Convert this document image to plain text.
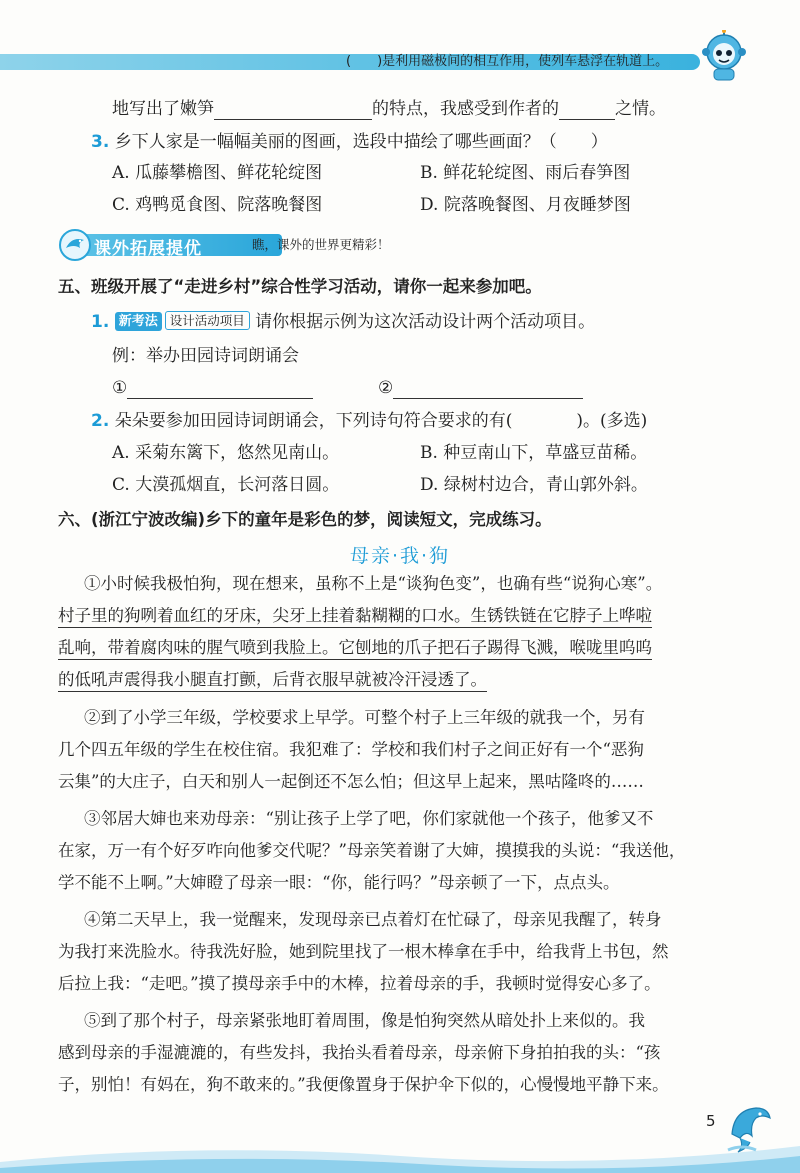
(　　)是利用磁极间的相互作用，使列车悬浮在轨道上。
地写出了嫩笋	的特点，我感受到作者的	之情。
3. 乡下人家是一幅幅美丽的图画，选段中描绘了哪些画面？（　　）
A. 瓜藤攀檐图、鲜花轮绽图	B. 鲜花轮绽图、雨后春笋图
C. 鸡鸭觅食图、院落晚餐图	D. 院落晚餐图、月夜睡梦图
课外拓展提优	瞧，课外的世界更精彩！
五、班级开展了“走进乡村”综合性学习活动，请你一起来参加吧。
1. 新考法 设计活动项目 请你根据示例为这次活动设计两个活动项目。
例：举办田园诗词朗诵会
①	②
2. 朵朵要参加田园诗词朗诵会，下列诗句符合要求的有(	)。(多选)
A. 采菊东篱下，悠然见南山。	B. 种豆南山下，草盛豆苗稀。
C. 大漠孤烟直，长河落日圆。	D. 绿树村边合，青山郭外斜。
六、(浙江宁波改编)乡下的童年是彩色的梦，阅读短文，完成练习。
母亲·我·狗
①小时候我极怕狗，现在想来，虽称不上是“谈狗色变”，也确有些“说狗心寒”。
村子里的狗咧着血红的牙床，尖牙上挂着黏糊糊的口水。生锈铁链在它脖子上哗啦
乱响，带着腐肉味的腥气喷到我脸上。它刨地的爪子把石子踢得飞溅，喉咙里呜呜
的低吼声震得我小腿直打颤，后背衣服早就被冷汗浸透了。
②到了小学三年级，学校要求上早学。可整个村子上三年级的就我一个，另有
几个四五年级的学生在校住宿。我犯难了：学校和我们村子之间正好有一个“恶狗
云集”的大庄子，白天和别人一起倒还不怎么怕；但这早上起来，黑咕隆咚的……
③邻居大婶也来劝母亲：“别让孩子上学了吧，你们家就他一个孩子，他爹又不
在家，万一有个好歹咋向他爹交代呢？”母亲笑着谢了大婶，摸摸我的头说：“我送他，
学不能不上啊。”大婶瞪了母亲一眼：“你，能行吗？”母亲顿了一下，点点头。
④第二天早上，我一觉醒来，发现母亲已点着灯在忙碌了，母亲见我醒了，转身
为我打来洗脸水。待我洗好脸，她到院里找了一根木棒拿在手中，给我背上书包，然
后拉上我：“走吧。”摸了摸母亲手中的木棒，拉着母亲的手，我顿时觉得安心多了。
⑤到了那个村子，母亲紧张地盯着周围，像是怕狗突然从暗处扑上来似的。我
感到母亲的手湿漉漉的，有些发抖，我抬头看着母亲，母亲俯下身拍拍我的头：“孩
子，别怕！有妈在，狗不敢来的。”我便像置身于保护伞下似的，心慢慢地平静下来。
5
